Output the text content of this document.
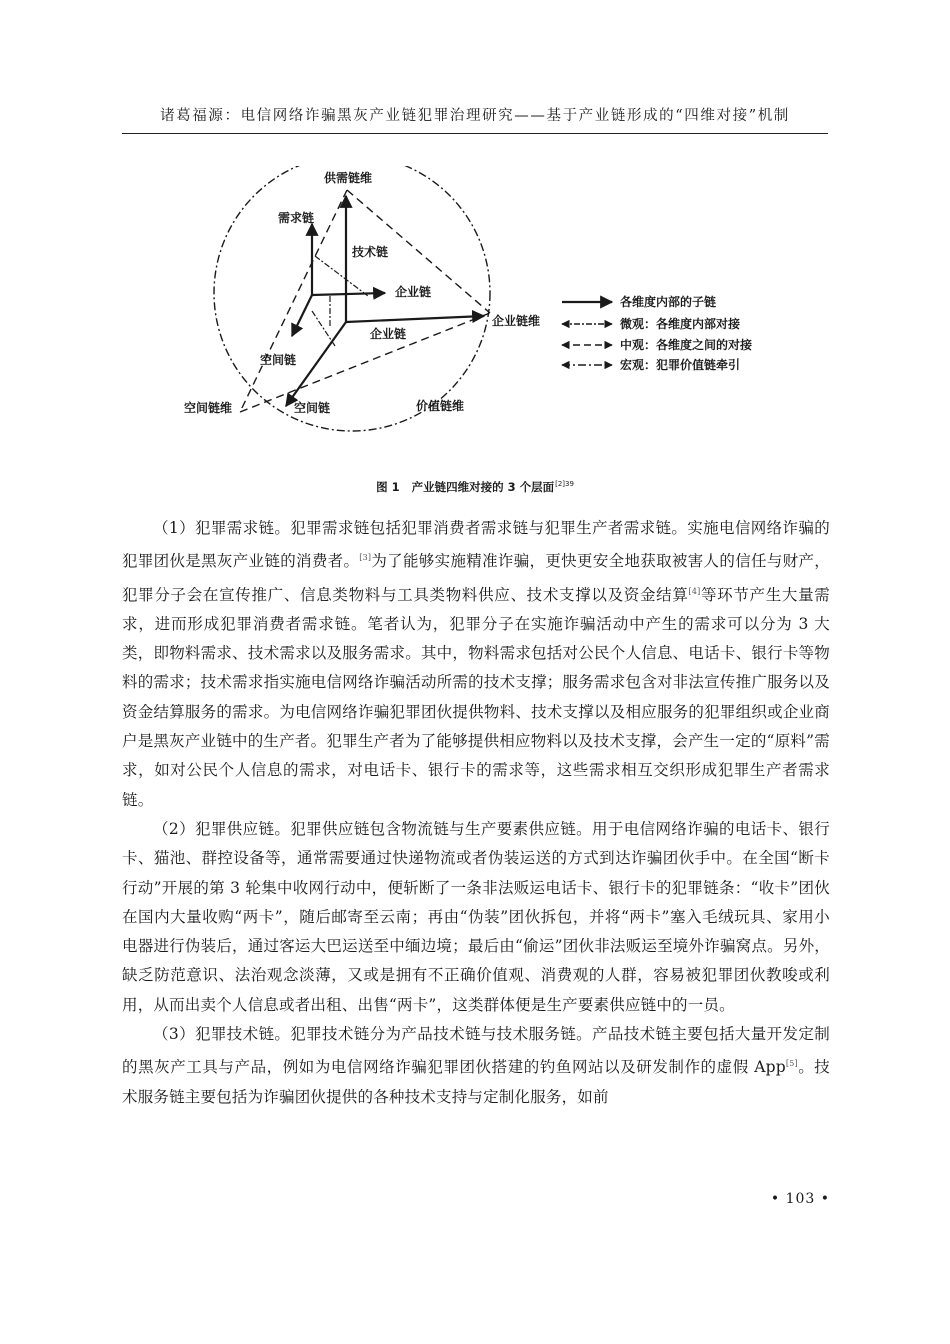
诸葛福源：电信网络诈骗黑灰产业链犯罪治理研究——基于产业链形成的“四维对接”机制
供需链维
需求链
技术链
企业链
企业链维
企业链
空间链
空间链维	空间链	价值链维
各维度内部的子链
微观：各维度内部对接
中观：各维度之间的对接
宏观：犯罪价值链牵引
图 1 产业链四维对接的 3 个层面$^{[2]39}$

（1）犯罪需求链。犯罪需求链包括犯罪消费者需求链与犯罪生产者需求链。实施电信网络诈骗的犯罪团伙是黑灰产业链的消费者。[3]为了能够实施精准诈骗，更快更安全地获取被害人的信任与财产，犯罪分子会在宣传推广、信息类物料与工具类物料供应、技术支撑以及资金结算[4]等环节产生大量需求，进而形成犯罪消费者需求链。笔者认为，犯罪分子在实施诈骗活动中产生的需求可以分为 3 大类，即物料需求、技术需求以及服务需求。其中，物料需求包括对公民个人信息、电话卡、银行卡等物料的需求；技术需求指实施电信网络诈骗活动所需的技术支撑；服务需求包含对非法宣传推广服务以及资金结算服务的需求。为电信网络诈骗犯罪团伙提供物料、技术支撑以及相应服务的犯罪组织或企业商户是黑灰产业链中的生产者。犯罪生产者为了能够提供相应物料以及技术支撑，会产生一定的“原料”需求，如对公民个人信息的需求，对电话卡、银行卡的需求等，这些需求相互交织形成犯罪生产者需求链。

（2）犯罪供应链。犯罪供应链包含物流链与生产要素供应链。用于电信网络诈骗的电话卡、银行卡、猫池、群控设备等，通常需要通过快递物流或者伪装运送的方式到达诈骗团伙手中。在全国“断卡行动”开展的第 3 轮集中收网行动中，便斩断了一条非法贩运电话卡、银行卡的犯罪链条：“收卡”团伙在国内大量收购“两卡”，随后邮寄至云南；再由“伪装”团伙拆包，并将“两卡”塞入毛绒玩具、家用小电器进行伪装后，通过客运大巴运送至中缅边境；最后由“偷运”团伙非法贩运至境外诈骗窝点。另外，缺乏防范意识、法治观念淡薄，又或是拥有不正确价值观、消费观的人群，容易被犯罪团伙教唆或利用，从而出卖个人信息或者出租、出售“两卡”，这类群体便是生产要素供应链中的一员。

（3）犯罪技术链。犯罪技术链分为产品技术链与技术服务链。产品技术链主要包括大量开发定制的黑灰产工具与产品，例如为电信网络诈骗犯罪团伙搭建的钓鱼网站以及研发制作的虚假 App[5]。技术服务链主要包括为诈骗团伙提供的各种技术支持与定制化服务，如前

• 103 •
